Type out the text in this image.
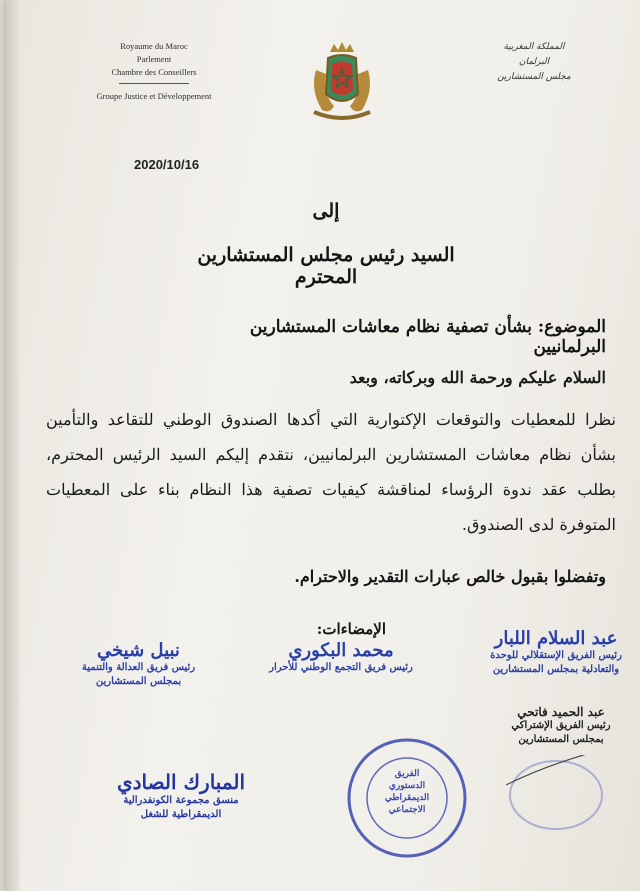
Royaume du Maroc
Parlement
Chambre des Conseillers
Groupe Justice et Développement
المملكة المغربية
البرلمان
مجلس المستشارين
2020/10/16
إلى
السيد رئيس مجلس المستشارين المحترم
الموضوع: بشأن تصفية نظام معاشات المستشارين البرلمانيين
السلام عليكم ورحمة الله وبركاته، وبعد
نظرا للمعطيات والتوقعات الإكتوارية التي أكدها الصندوق الوطني للتقاعد والتأمين بشأن نظام معاشات المستشارين البرلمانيين، نتقدم إليكم السيد الرئيس المحترم، بطلب عقد ندوة الرؤساء لمناقشة كيفيات تصفية هذا النظام بناء على المعطيات المتوفرة لدى الصندوق.
وتفضلوا بقبول خالص عبارات التقدير والاحترام.
الإمضاءات:	عبد السلام اللبار
رئيس الفريق الإستقلالي للوحدة
والتعادلية بمجلس المستشارين
محمد البكوري
رئيس فريق التجمع الوطني للأحرار
نبيل شيخي
رئيس فريق العدالة والتنمية
بمجلس المستشارين
عبد الحميد فاتحي
رئيس الفريق الإشتراكي
بمجلس المستشارين
المبارك الصادي
منسق مجموعة الكونفدرالية
الديمقراطية للشغل
الفريق
الدستوري
الديمقراطي
الاجتماعي
